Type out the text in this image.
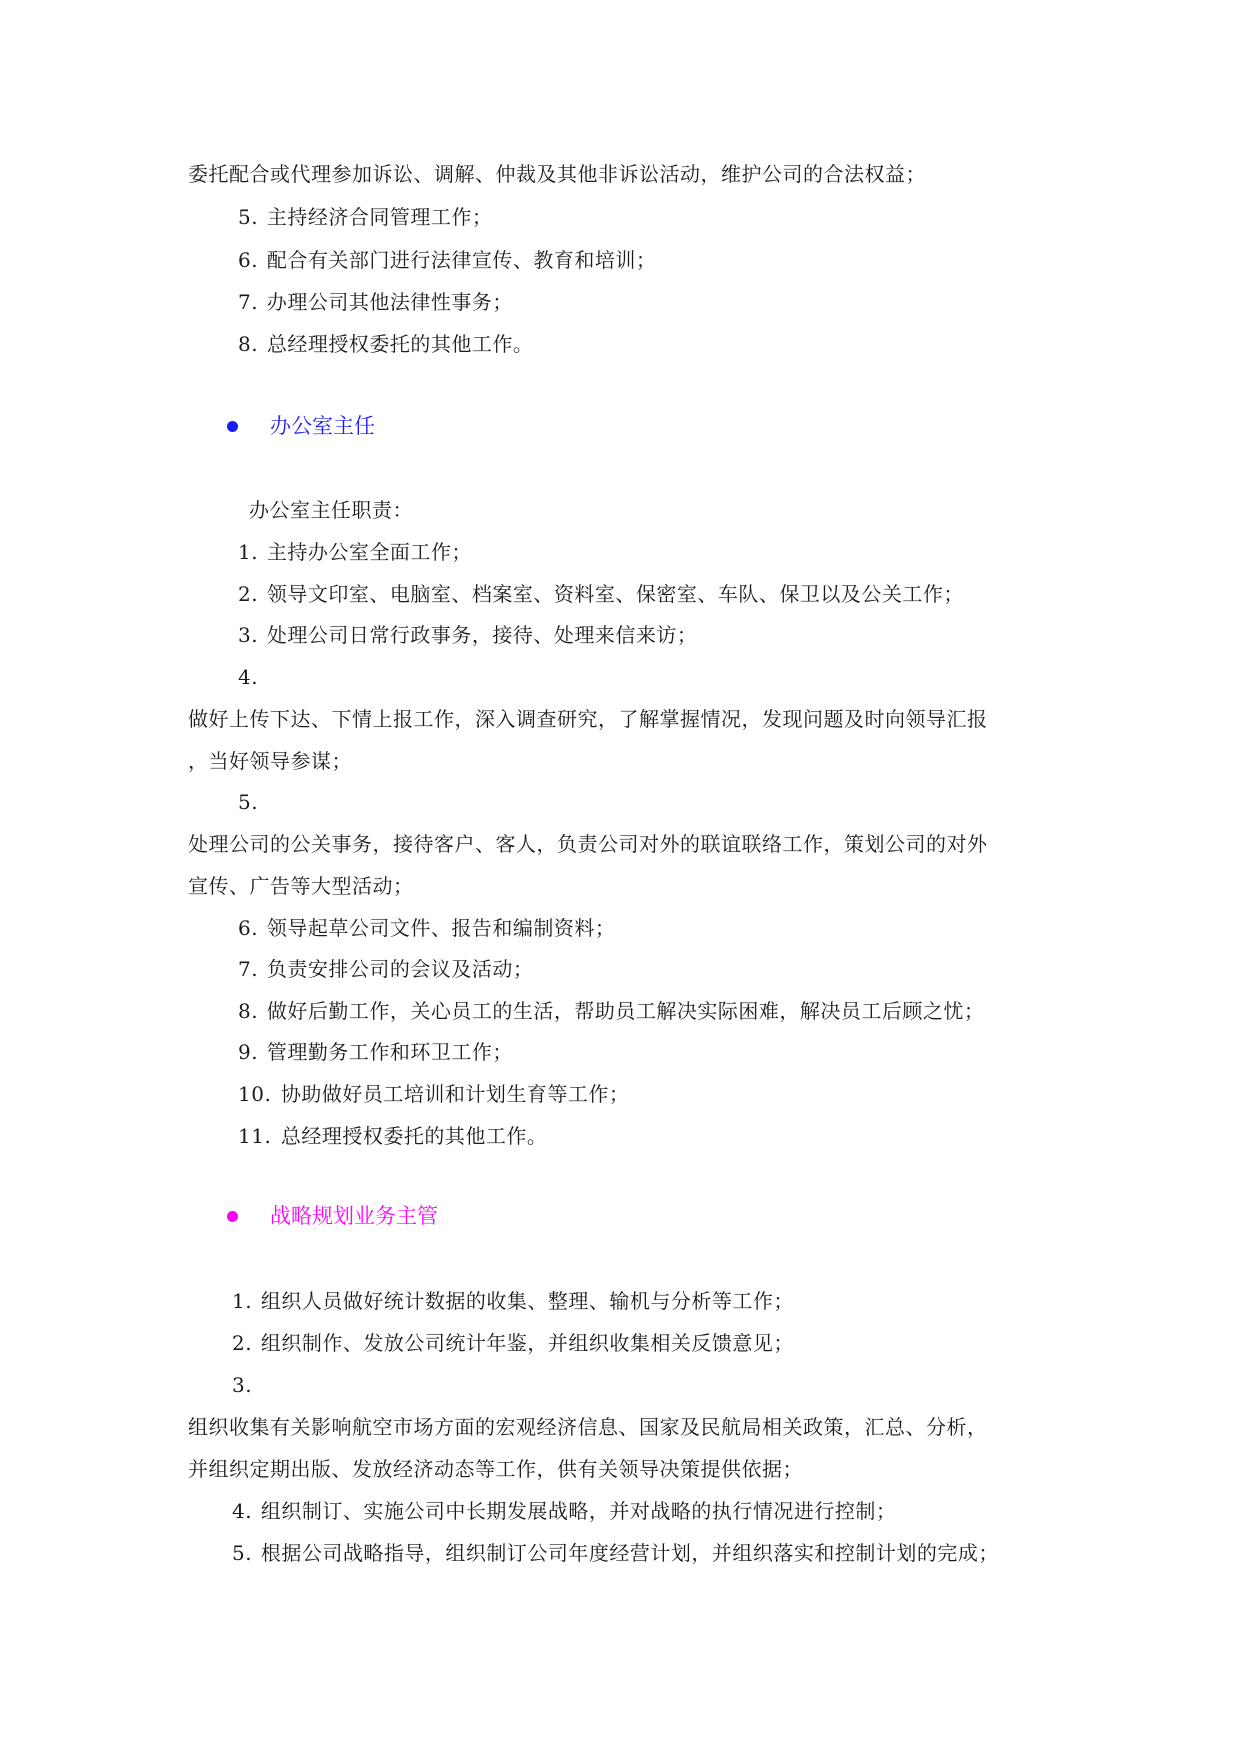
委托配合或代理参加诉讼、调解、仲裁及其他非诉讼活动，维护公司的合法权益；
5. 主持经济合同管理工作；
6. 配合有关部门进行法律宣传、教育和培训；
7. 办理公司其他法律性事务；
8. 总经理授权委托的其他工作。
办公室主任
办公室主任职责：
1. 主持办公室全面工作；
2. 领导文印室、电脑室、档案室、资料室、保密室、车队、保卫以及公关工作；
3. 处理公司日常行政事务，接待、处理来信来访；
4.
做好上传下达、下情上报工作，深入调查研究，了解掌握情况，发现问题及时向领导汇报
，当好领导参谋；
5.
处理公司的公关事务，接待客户、客人，负责公司对外的联谊联络工作，策划公司的对外
宣传、广告等大型活动；
6. 领导起草公司文件、报告和编制资料；
7. 负责安排公司的会议及活动；
8. 做好后勤工作，关心员工的生活，帮助员工解决实际困难，解决员工后顾之忧；
9. 管理勤务工作和环卫工作；
10. 协助做好员工培训和计划生育等工作；
11. 总经理授权委托的其他工作。
战略规划业务主管
1. 组织人员做好统计数据的收集、整理、输机与分析等工作；
2. 组织制作、发放公司统计年鉴，并组织收集相关反馈意见；
3.
组织收集有关影响航空市场方面的宏观经济信息、国家及民航局相关政策，汇总、分析，
并组织定期出版、发放经济动态等工作，供有关领导决策提供依据；
4. 组织制订、实施公司中长期发展战略，并对战略的执行情况进行控制；
5. 根据公司战略指导，组织制订公司年度经营计划，并组织落实和控制计划的完成；
